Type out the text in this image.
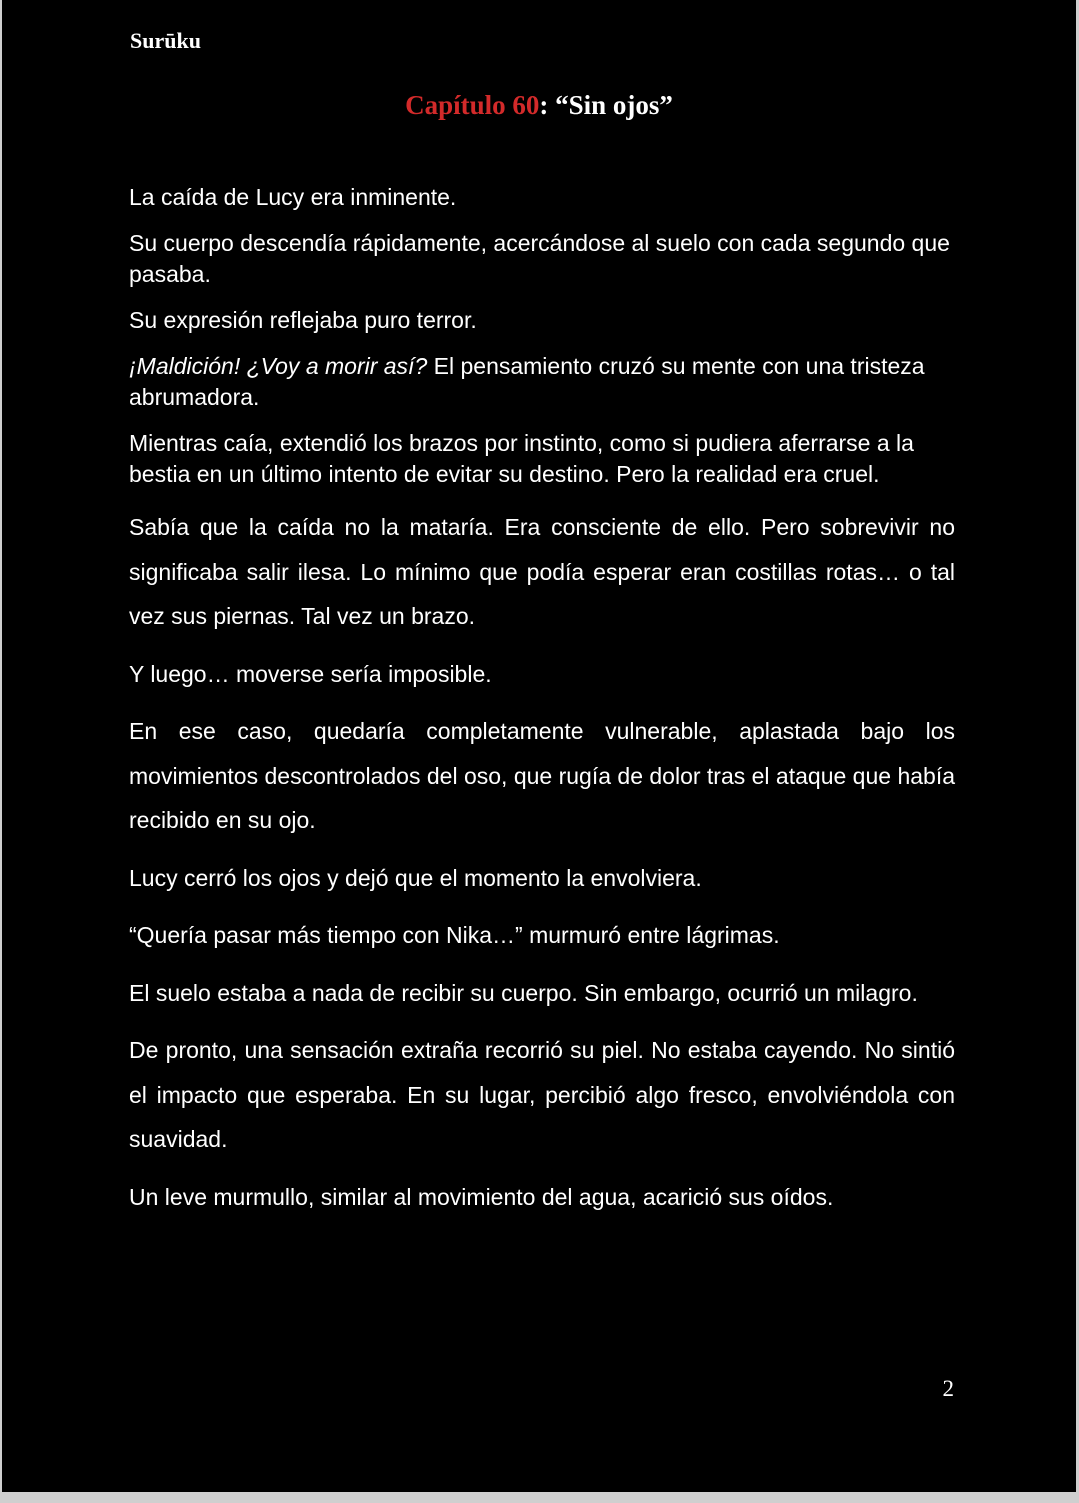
Surūku
Capítulo 60: “Sin ojos”

La caída de Lucy era inminente.

Su cuerpo descendía rápidamente, acercándose al suelo con cada segundo que pasaba.

Su expresión reflejaba puro terror.

¡Maldición! ¿Voy a morir así? El pensamiento cruzó su mente con una tristeza abrumadora.

Mientras caía, extendió los brazos por instinto, como si pudiera aferrarse a la bestia en un último intento de evitar su destino. Pero la realidad era cruel.

Sabía que la caída no la mataría. Era consciente de ello. Pero sobrevivir no significaba salir ilesa. Lo mínimo que podía esperar eran costillas rotas… o tal vez sus piernas. Tal vez un brazo.

Y luego… moverse sería imposible.

En ese caso, quedaría completamente vulnerable, aplastada bajo los movimientos descontrolados del oso, que rugía de dolor tras el ataque que había recibido en su ojo.

Lucy cerró los ojos y dejó que el momento la envolviera.

“Quería pasar más tiempo con Nika…” murmuró entre lágrimas.

El suelo estaba a nada de recibir su cuerpo. Sin embargo, ocurrió un milagro.

De pronto, una sensación extraña recorrió su piel. No estaba cayendo. No sintió el impacto que esperaba. En su lugar, percibió algo fresco, envolviéndola con suavidad.

Un leve murmullo, similar al movimiento del agua, acarició sus oídos.

2
